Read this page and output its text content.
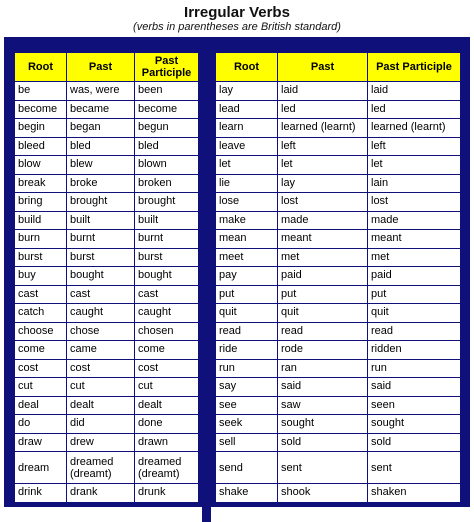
Irregular Verbs
(verbs in parentheses are British standard)
Root	Past	Past Participle
be	was, were	been
become	became	become
begin	began	begun
bleed	bled	bled
blow	blew	blown
break	broke	broken
bring	brought	brought
build	built	built
burn	burnt	burnt
burst	burst	burst
buy	bought	bought
cast	cast	cast
catch	caught	caught
choose	chose	chosen
come	came	come
cost	cost	cost
cut	cut	cut
deal	dealt	dealt
do	did	done
draw	drew	drawn
dream	dreamed (dreamt)	dreamed (dreamt)
drink	drank	drunk
Root	Past	Past Participle
lay	laid	laid
lead	led	led
learn	learned (learnt)	learned (learnt)
leave	left	left
let	let	let
lie	lay	lain
lose	lost	lost
make	made	made
mean	meant	meant
meet	met	met
pay	paid	paid
put	put	put
quit	quit	quit
read	read	read
ride	rode	ridden
run	ran	run
say	said	said
see	saw	seen
seek	sought	sought
sell	sold	sold
send	sent	sent
shake	shook	shaken
